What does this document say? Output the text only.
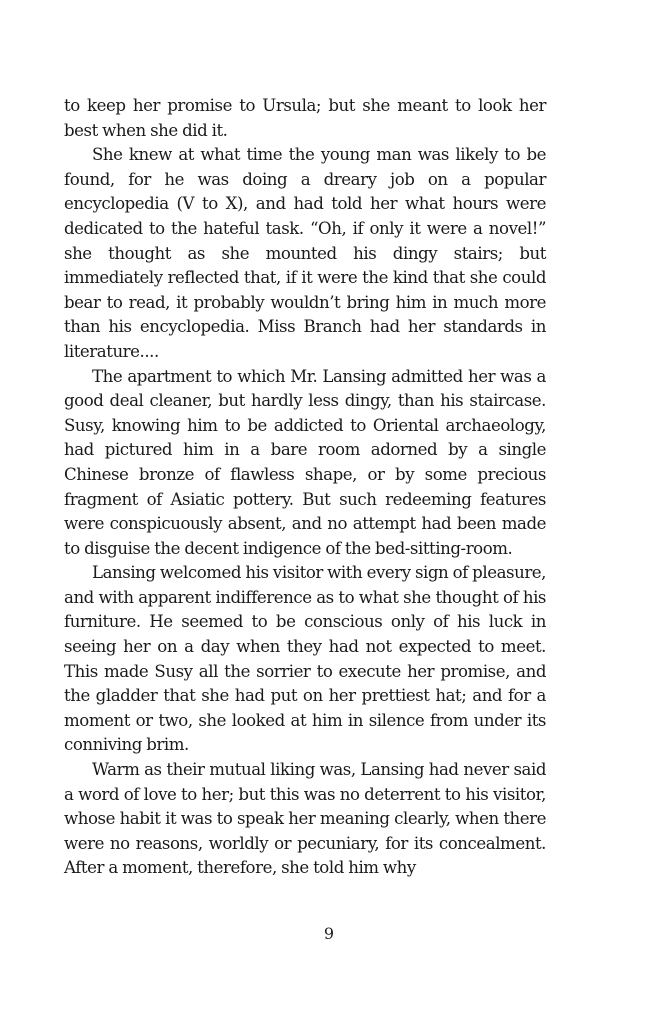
to keep her promise to Ursula; but she meant to look her best when she did it.

She knew at what time the young man was likely to be found, for he was doing a dreary job on a popular encyclopedia (V to X), and had told her what hours were dedicated to the hateful task. “Oh, if only it were a novel!” she thought as she mounted his dingy stairs; but immediately reflected that, if it were the kind that she could bear to read, it probably wouldn’t bring him in much more than his encyclopedia. Miss Branch had her standards in literature....

The apartment to which Mr. Lansing admitted her was a good deal cleaner, but hardly less dingy, than his staircase. Susy, knowing him to be addicted to Oriental archaeology, had pictured him in a bare room adorned by a single Chinese bronze of flawless shape, or by some precious fragment of Asiatic pottery. But such redeeming features were conspicuously absent, and no attempt had been made to disguise the decent indigence of the bed-sitting-room.

Lansing welcomed his visitor with every sign of pleasure, and with apparent indifference as to what she thought of his furniture. He seemed to be conscious only of his luck in seeing her on a day when they had not expected to meet. This made Susy all the sorrier to execute her promise, and the gladder that she had put on her prettiest hat; and for a moment or two, she looked at him in silence from under its conniving brim.

Warm as their mutual liking was, Lansing had never said a word of love to her; but this was no deterrent to his visitor, whose habit it was to speak her meaning clearly, when there were no reasons, worldly or pecuniary, for its concealment. After a moment, therefore, she told him why

9
